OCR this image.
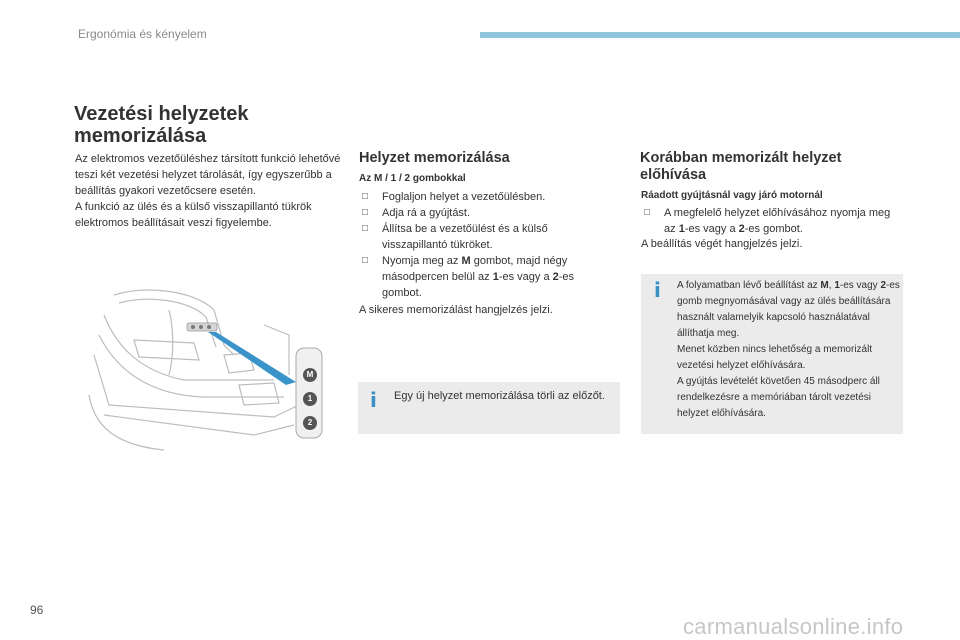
Ergonómia és kényelem
Vezetési helyzetek memorizálása

Az elektromos vezetőüléshez társított funkció lehetővé teszi két vezetési helyzet tárolását, így egyszerűbb a beállítás gyakori vezetőcsere esetén.
A funkció az ülés és a külső visszapillantó tükrök elektromos beállításait veszi figyelembe.

M
1
2
Helyzet memorizálása
Az M / 1 / 2 gombokkal
□ Foglaljon helyet a vezetőülésben.
□ Adja rá a gyújtást.
□ Állítsa be a vezetőülést és a külső visszapillantó tükröket.
□ Nyomja meg az M gombot, majd négy másodpercen belül az 1-es vagy a 2-es gombot.

A sikeres memorizálást hangjelzés jelzi.

i Egy új helyzet memorizálása törli az előzőt.
Korábban memorizált helyzet előhívása
Ráadott gyújtásnál vagy járó motornál
□ A megfelelő helyzet előhívásához nyomja meg az 1-es vagy a 2-es gombot.

A beállítás végét hangjelzés jelzi.

i A folyamatban lévő beállítást az M, 1-es vagy 2-es gomb megnyomásával vagy az ülés beállítására használt valamelyik kapcsoló használatával állíthatja meg.
Menet közben nincs lehetőség a memorizált vezetési helyzet előhívására.
A gyújtás levételét követően 45 másodperc áll rendelkezésre a memóriában tárolt vezetési helyzet előhívására.
96
carmanualsonline.info
